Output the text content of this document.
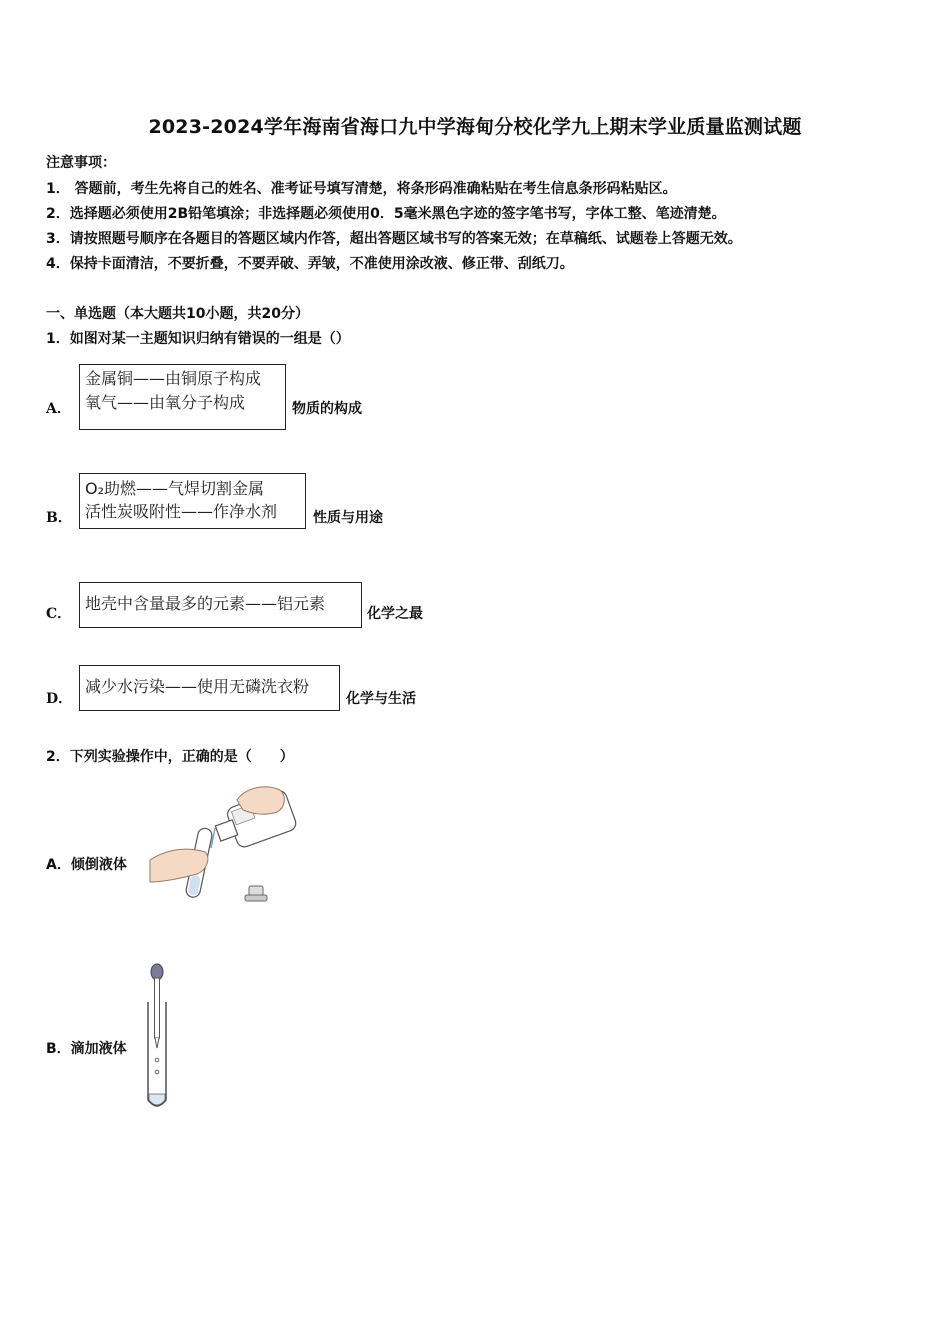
2023-2024学年海南省海口九中学海甸分校化学九上期末学业质量监测试题
注意事项：
1． 答题前，考生先将自己的姓名、准考证号填写清楚，将条形码准确粘贴在考生信息条形码粘贴区。
2．选择题必须使用2B铅笔填涂；非选择题必须使用0．5毫米黑色字迹的签字笔书写，字体工整、笔迹清楚。
3．请按照题号顺序在各题目的答题区域内作答，超出答题区域书写的答案无效；在草稿纸、试题卷上答题无效。
4．保持卡面清洁，不要折叠，不要弄破、弄皱，不准使用涂改液、修正带、刮纸刀。
一、单选题（本大题共10小题，共20分）
1．如图对某一主题知识归纳有错误的一组是（）
A．
金属铜——由铜原子构成
氧气——由氧分子构成	物质的构成
B．
O₂助燃——气焊切割金属
活性炭吸附性——作净水剂	性质与用途
C．
地壳中含量最多的元素——铝元素
化学之最
D．
减少水污染——使用无磷洗衣粉
化学与生活
2．下列实验操作中，正确的是（　　）
A．倾倒液体
B．滴加液体
